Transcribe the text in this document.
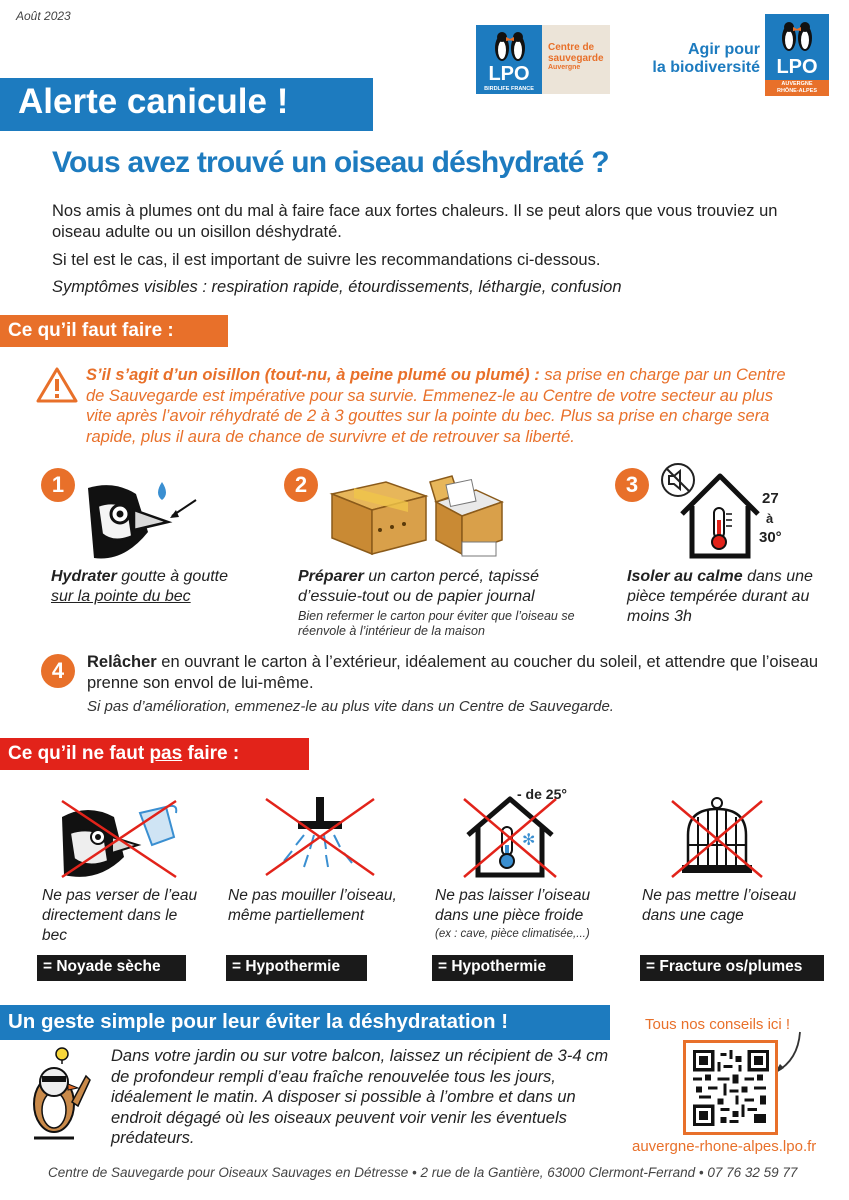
Août 2023
LPO
BIRDLIFE FRANCE
Centre de
sauvegarde
Auvergne
Agir pour
la biodiversité LPO
AUVERGNE
RHÔNE-ALPES
Alerte canicule !
Vous avez trouvé un oiseau déshydraté ?
Nos amis à plumes ont du mal à faire face aux fortes chaleurs. Il se peut alors que vous trouviez un oiseau adulte ou un oisillon déshydraté.
Si tel est le cas, il est important de suivre les recommandations ci-dessous.
Symptômes visibles : respiration rapide, étourdissements, léthargie, confusion
Ce qu’il faut faire :
S’il s’agit d’un oisillon (tout-nu, à peine plumé ou plumé) : sa prise en charge par un Centre de Sauvegarde est impérative pour sa survie. Emmenez-le au Centre de votre secteur au plus vite après l’avoir réhydraté de 2 à 3 gouttes sur la pointe du bec. Plus sa prise en charge sera rapide, plus il aura de chance de survivre et de retrouver sa liberté.
1
Hydrater goutte à goutte
sur la pointe du bec
2
Préparer un carton percé, tapissé d’essuie-tout ou de papier journal
Bien refermer le carton pour éviter que l’oiseau se réenvole à l’intérieur de la maison
3
27
à
30°
Isoler au calme dans une pièce tempérée durant au moins 3h
4	Relâcher en ouvrant le carton à l’extérieur, idéalement au coucher du soleil, et attendre que l’oiseau prenne son envol de lui-même.
Si pas d’amélioration, emmenez-le au plus vite dans un Centre de Sauvegarde.
Ce qu’il ne faut pas faire :
Ne pas verser de l’eau directement dans le bec
= Noyade sèche
Ne pas mouiller l’oiseau, même partiellement
= Hypothermie
✻
- de 25°
Ne pas laisser l’oiseau dans une pièce froide
(ex : cave, pièce climatisée,...)
= Hypothermie
Ne pas mettre l’oiseau dans une cage
= Fracture os/plumes
Un geste simple pour leur éviter la déshydratation !
Dans votre jardin ou sur votre balcon, laissez un récipient de 3-4 cm de profondeur rempli d’eau fraîche renouvelée tous les jours, idéalement le matin. A disposer si possible à l’ombre et dans un endroit dégagé où les oiseaux peuvent voir venir les éventuels prédateurs.
Tous nos conseils ici !
auvergne-rhone-alpes.lpo.fr
Centre de Sauvegarde pour Oiseaux Sauvages en Détresse • 2 rue de la Gantière, 63000 Clermont-Ferrand • 07 76 32 59 77
